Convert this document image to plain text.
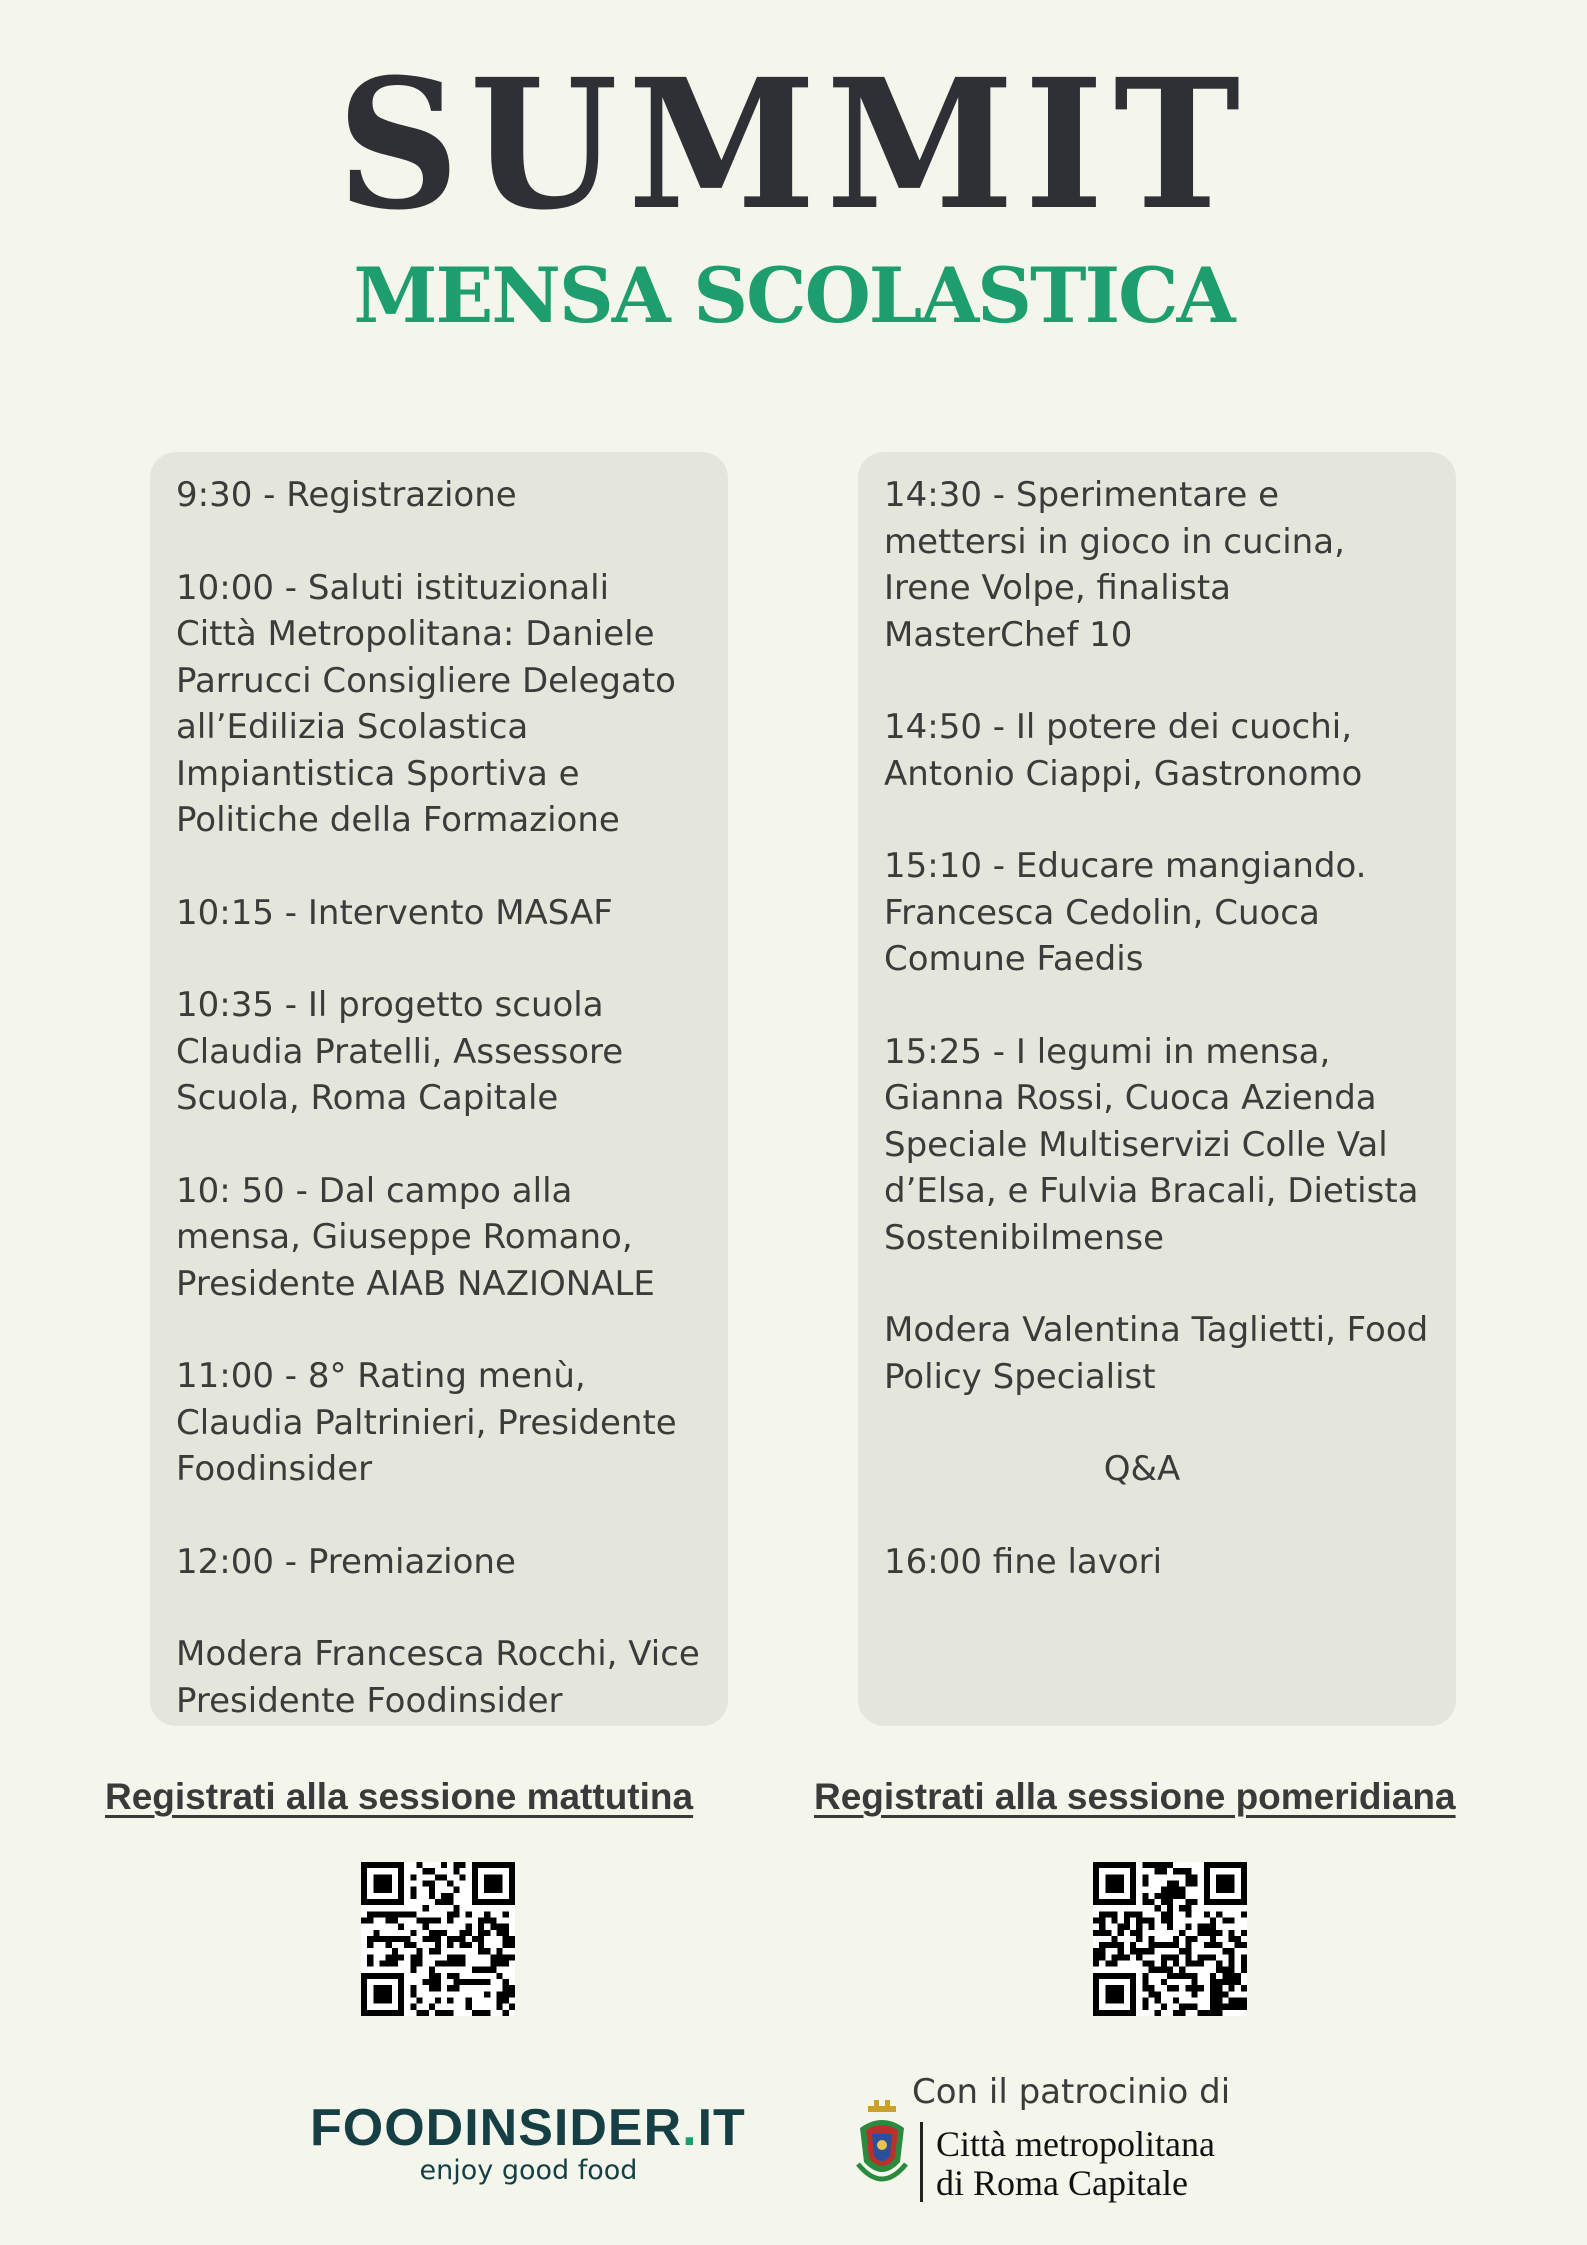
SUMMIT
MENSA SCOLASTICA
9:30 - Registrazione
10:00 - Saluti istituzionali
Città Metropolitana: Daniele Parrucci Consigliere Delegato all’Edilizia Scolastica Impiantistica Sportiva e Politiche della Formazione
10:15 - Intervento MASAF
10:35 - Il progetto scuola
Claudia Pratelli, Assessore Scuola, Roma Capitale
10: 50 - Dal campo alla mensa, Giuseppe Romano, Presidente AIAB NAZIONALE
11:00 - 8° Rating menù, Claudia Paltrinieri, Presidente Foodinsider
12:00 - Premiazione
Modera Francesca Rocchi, Vice Presidente Foodinsider
14:30 - Sperimentare e mettersi in gioco in cucina, Irene Volpe, finalista MasterChef 10
14:50 - Il potere dei cuochi, Antonio Ciappi, Gastronomo
15:10 - Educare mangiando. Francesca Cedolin, Cuoca Comune Faedis
15:25 - I legumi in mensa, Gianna Rossi, Cuoca Azienda Speciale Multiservizi Colle Val d’Elsa, e Fulvia Bracali, Dietista Sostenibilmense
Modera Valentina Taglietti, Food Policy Specialist
Q&A
16:00 fine lavori
Registrati alla sessione mattutina	Registrati alla sessione pomeridiana
FOODINSIDER.IT
enjoy good food
Con il patrocinio di
Città metropolitana
di Roma Capitale
